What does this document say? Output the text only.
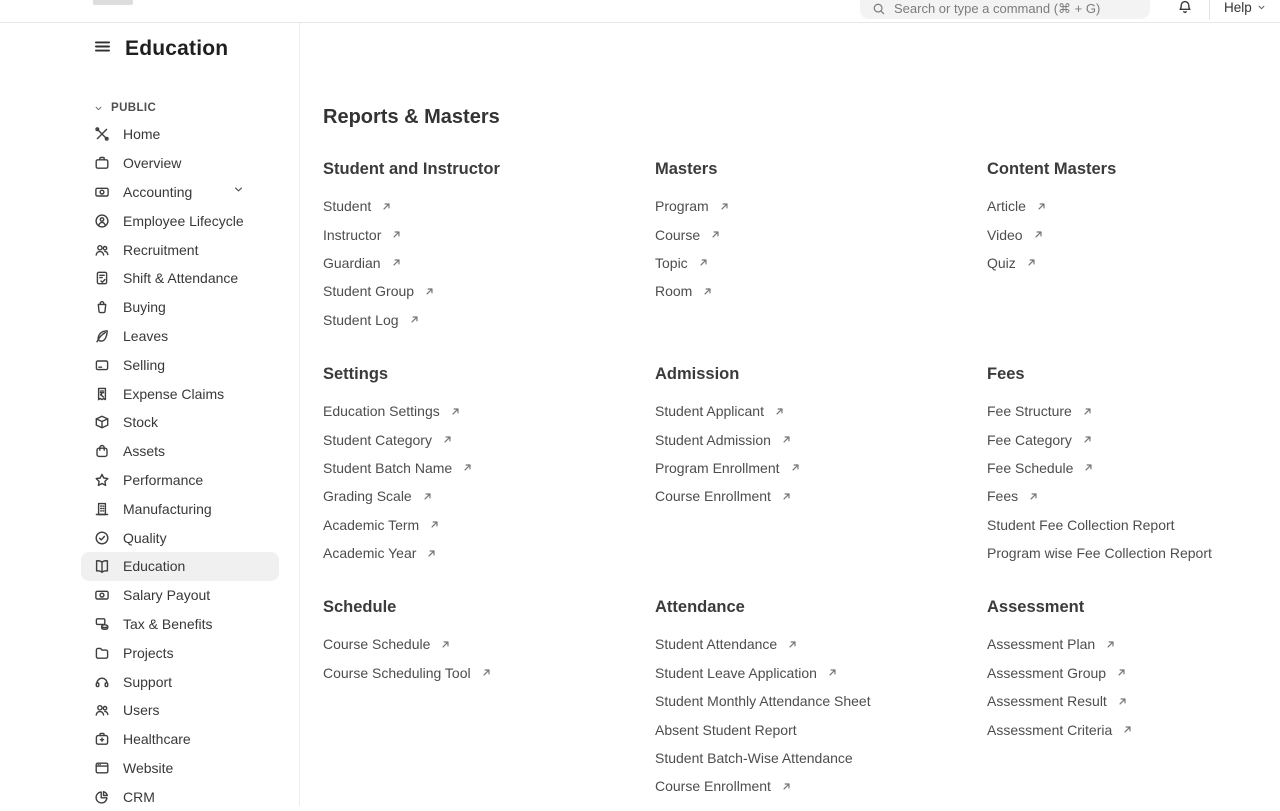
Search or type a command (⌘ + G)	Help
Education
PUBLIC
Home
Overview
Accounting
Employee Lifecycle
Recruitment
Shift & Attendance
Buying
Leaves
Selling
Expense Claims
Stock
Assets
Performance
Manufacturing
Quality
Education
Salary Payout
Tax & Benefits
Projects
Support
Users
Healthcare
Website
CRM
Reports & Masters
Student and Instructor
Student
Instructor
Guardian
Student Group
Student Log
Masters
Program
Course
Topic
Room
Content Masters
Article
Video
Quiz
Settings
Education Settings
Student Category
Student Batch Name
Grading Scale
Academic Term
Academic Year
Admission
Student Applicant
Student Admission
Program Enrollment
Course Enrollment
Fees
Fee Structure
Fee Category
Fee Schedule
Fees
Student Fee Collection Report
Program wise Fee Collection Report
Schedule
Course Schedule
Course Scheduling Tool
Attendance
Student Attendance
Student Leave Application
Student Monthly Attendance Sheet
Absent Student Report
Student Batch-Wise Attendance
Course Enrollment
Assessment
Assessment Plan
Assessment Group
Assessment Result
Assessment Criteria
